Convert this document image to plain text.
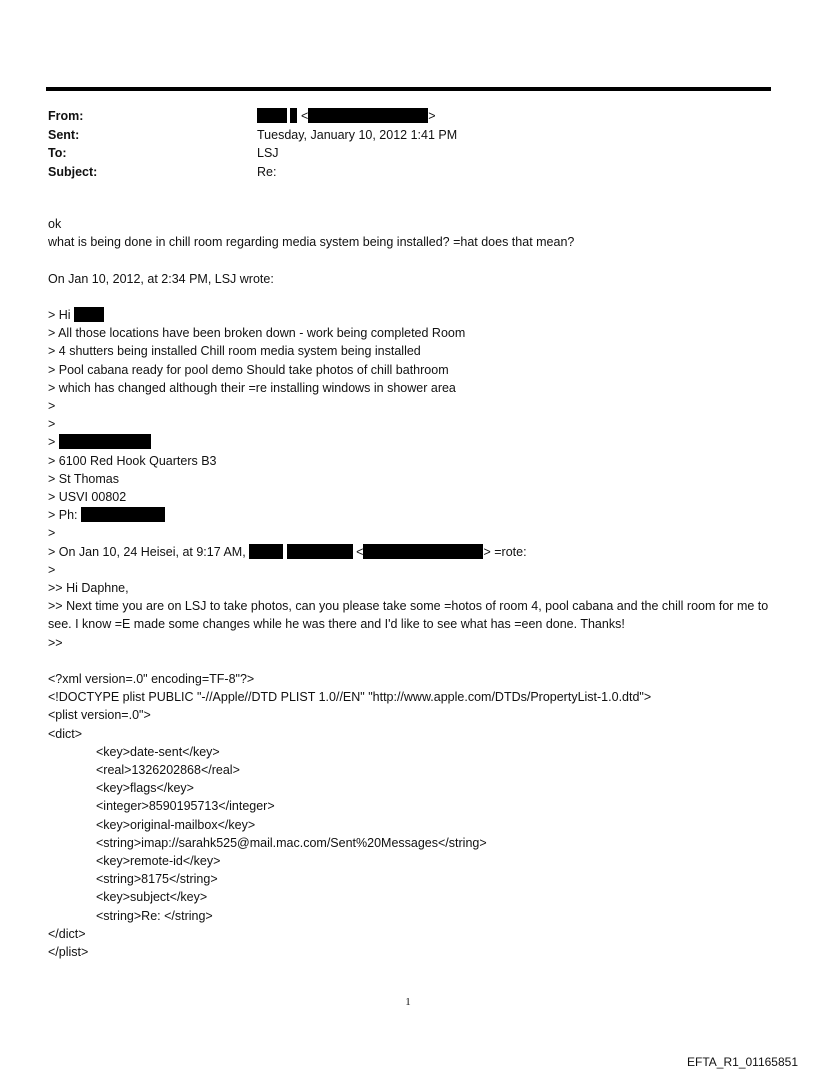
From:	<	>
Sent:	Tuesday, January 10, 2012 1:41 PM
To:	LSJ
Subject:	Re:
ok
what is being done in chill room regarding media system being installed? =hat does that mean?
On Jan 10, 2012, at 2:34 PM, LSJ wrote:
> Hi
> All those locations have been broken down - work being completed Room
> 4 shutters being installed Chill room media system being installed
> Pool cabana ready for pool demo Should take photos of chill bathroom
> which has changed although their =re installing windows in shower area
>
>
>
> 6100 Red Hook Quarters B3
> St Thomas
> USVI 00802
> Ph:
>
> On Jan 10, 24 Heisei, at 9:17 AM,	<	> =rote:
>
>> Hi Daphne,
>> Next time you are on LSJ to take photos, can you please take some =hotos of room 4, pool cabana and the chill room for me to see. I know =E made some changes while he was there and I'd like to see what has =een done. Thanks!
>>
<?xml version=.0" encoding=TF-8"?>
<!DOCTYPE plist PUBLIC "-//Apple//DTD PLIST 1.0//EN" "http://www.apple.com/DTDs/PropertyList-1.0.dtd">
<plist version=.0">
<dict>
<key>date-sent</key>
<real>1326202868</real>
<key>flags</key>
<integer>8590195713</integer>
<key>original-mailbox</key>
<string>imap://sarahk525@mail.mac.com/Sent%20Messages</string>
<key>remote-id</key>
<string>8175</string>
<key>subject</key>
<string>Re: </string>
</dict>
</plist>
1
EFTA_R1_01165851
